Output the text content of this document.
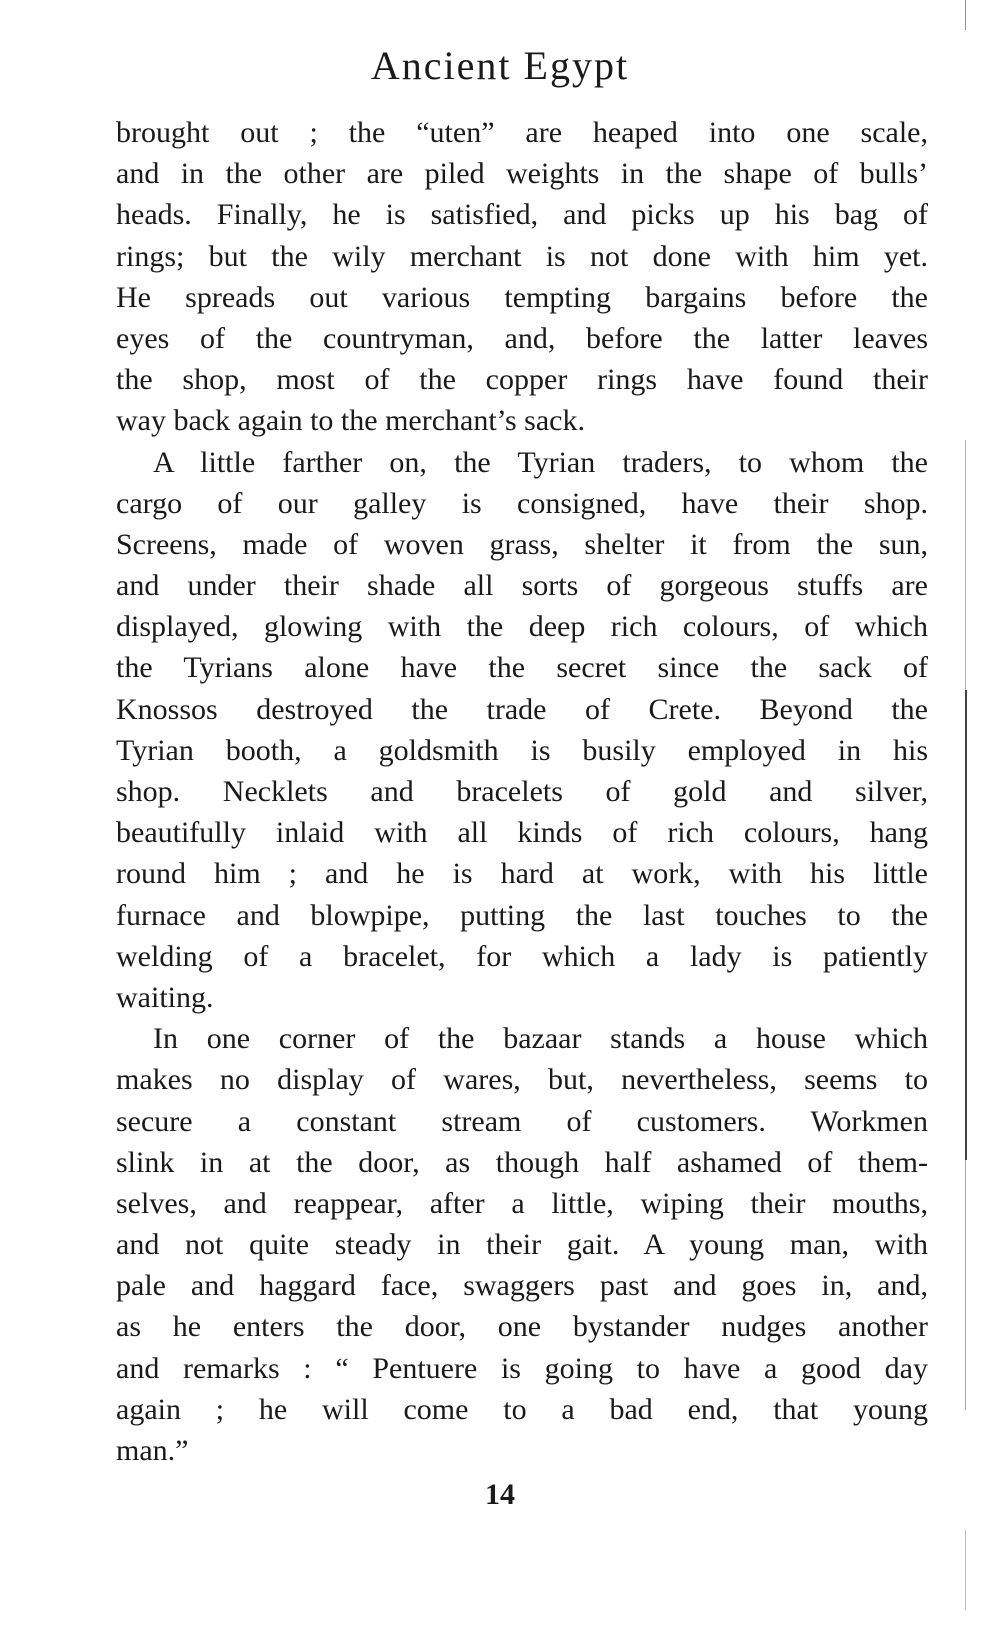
Ancient Egypt
brought out ; the “uten” are heaped into one scale,
and in the other are piled weights in the shape of bulls’
heads. Finally, he is satisfied, and picks up his bag of
rings; but the wily merchant is not done with him yet.
He spreads out various tempting bargains before the
eyes of the countryman, and, before the latter leaves
the shop, most of the copper rings have found their
way back again to the merchant’s sack.
A little farther on, the Tyrian traders, to whom the
cargo of our galley is consigned, have their shop.
Screens, made of woven grass, shelter it from the sun,
and under their shade all sorts of gorgeous stuffs are
displayed, glowing with the deep rich colours, of which
the Tyrians alone have the secret since the sack of
Knossos destroyed the trade of Crete. Beyond the
Tyrian booth, a goldsmith is busily employed in his
shop. Necklets and bracelets of gold and silver,
beautifully inlaid with all kinds of rich colours, hang
round him ; and he is hard at work, with his little
furnace and blowpipe, putting the last touches to the
welding of a bracelet, for which a lady is patiently
waiting.
In one corner of the bazaar stands a house which
makes no display of wares, but, nevertheless, seems to
secure a constant stream of customers. Workmen
slink in at the door, as though half ashamed of them-
selves, and reappear, after a little, wiping their mouths,
and not quite steady in their gait. A young man, with
pale and haggard face, swaggers past and goes in, and,
as he enters the door, one bystander nudges another
and remarks : “ Pentuere is going to have a good day
again ; he will come to a bad end, that young
man.”
14
